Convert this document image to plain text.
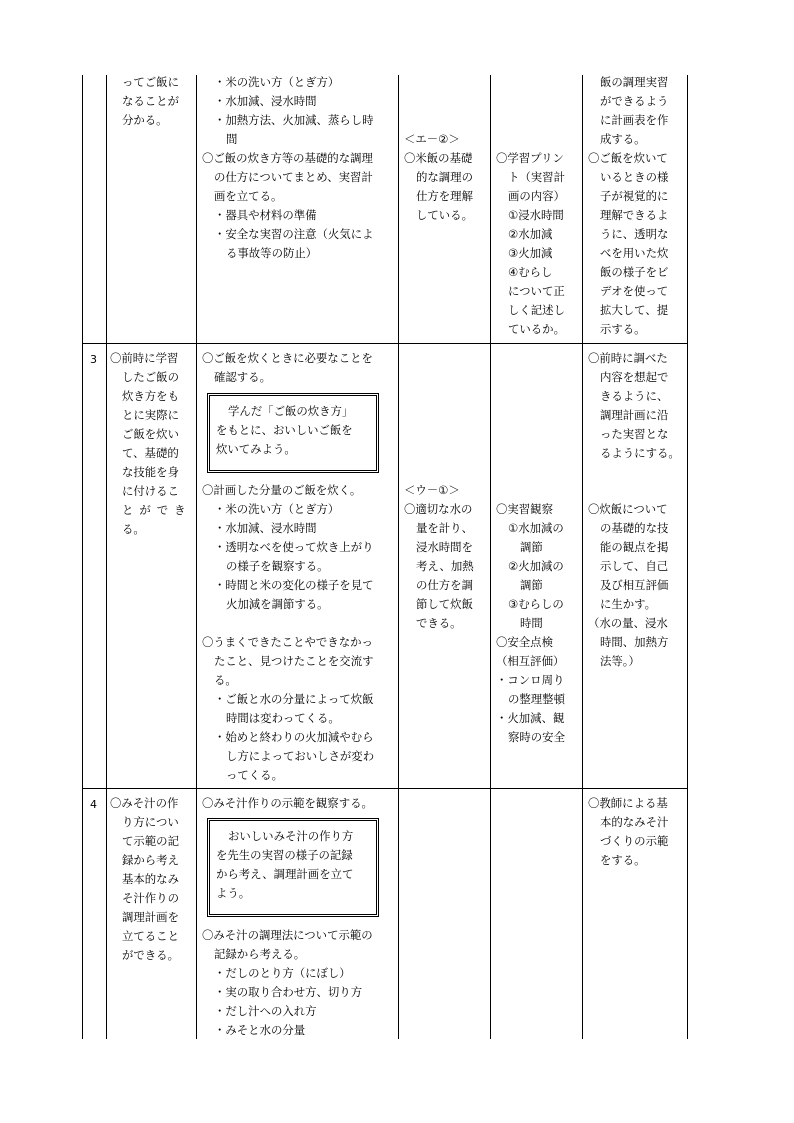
ってご飯に
なることが
分かる。
・米の洗い方（とぎ方）
・水加減、浸水時間
・加熱方法、火加減、蒸らし時
間
〇ご飯の炊き方等の基礎的な調理
の仕方についてまとめ、実習計
画を立てる。
・器具や材料の準備
・安全な実習の注意（火気によ
る事故等の防止）
＜エ－②＞
〇米飯の基礎
的な調理の
仕方を理解
している。
〇学習プリン
ト（実習計
画の内容）
①浸水時間
②水加減
③火加減
④むらし
について正
しく記述し
ているか。
飯の調理実習
ができるよう
に計画表を作
成する。
〇ご飯を炊いて
いるときの様
子が視覚的に
理解できるよ
うに、透明な
べを用いた炊
飯の様子をビ
デオを使って
拡大して、提
示する。
3 〇前時に学習
したご飯の
炊き方をも
とに実際に
ご飯を炊い
て、基礎的
な技能を身
に付けるこ
とができ
る。
〇ご飯を炊くときに必要なことを
確認する。
学んだ「ご飯の炊き方」
をもとに、おいしいご飯を
炊いてみよう。
〇計画した分量のご飯を炊く。
・米の洗い方（とぎ方）
・水加減、浸水時間
・透明なべを使って炊き上がり
の様子を観察する。
・時間と米の変化の様子を見て
火加減を調節する。
〇うまくできたことやできなかっ
たこと、見つけたことを交流す
る。
・ご飯と水の分量によって炊飯
時間は変わってくる。
・始めと終わりの火加減やむら
し方によっておいしさが変わ
ってくる。
＜ウ－①＞
〇適切な水の
量を計り、
浸水時間を
考え、加熱
の仕方を調
節して炊飯
できる。
〇実習観察
①水加減の
調節
②火加減の
調節
③むらしの
時間
〇安全点検
（相互評価）
・コンロ周り
の整理整頓
・火加減、観
察時の安全
〇前時に調べた
内容を想起で
きるように、
調理計画に沿
った実習とな
るようにする。
〇炊飯について
の基礎的な技
能の観点を掲
示して、自己
及び相互評価
に生かす。
（水の量、浸水
時間、加熱方
法等。）
4 〇みそ汁の作
り方につい
て示範の記
録から考え
基本的なみ
そ汁作りの
調理計画を
立てること
ができる。
〇みそ汁作りの示範を観察する。
おいしいみそ汁の作り方
を先生の実習の様子の記録
から考え、調理計画を立て
よう。
〇みそ汁の調理法について示範の
記録から考える。
・だしのとり方（にぼし）
・実の取り合わせ方、切り方
・だし汁への入れ方
・みそと水の分量
〇教師による基
本的なみそ汁
づくりの示範
をする。
